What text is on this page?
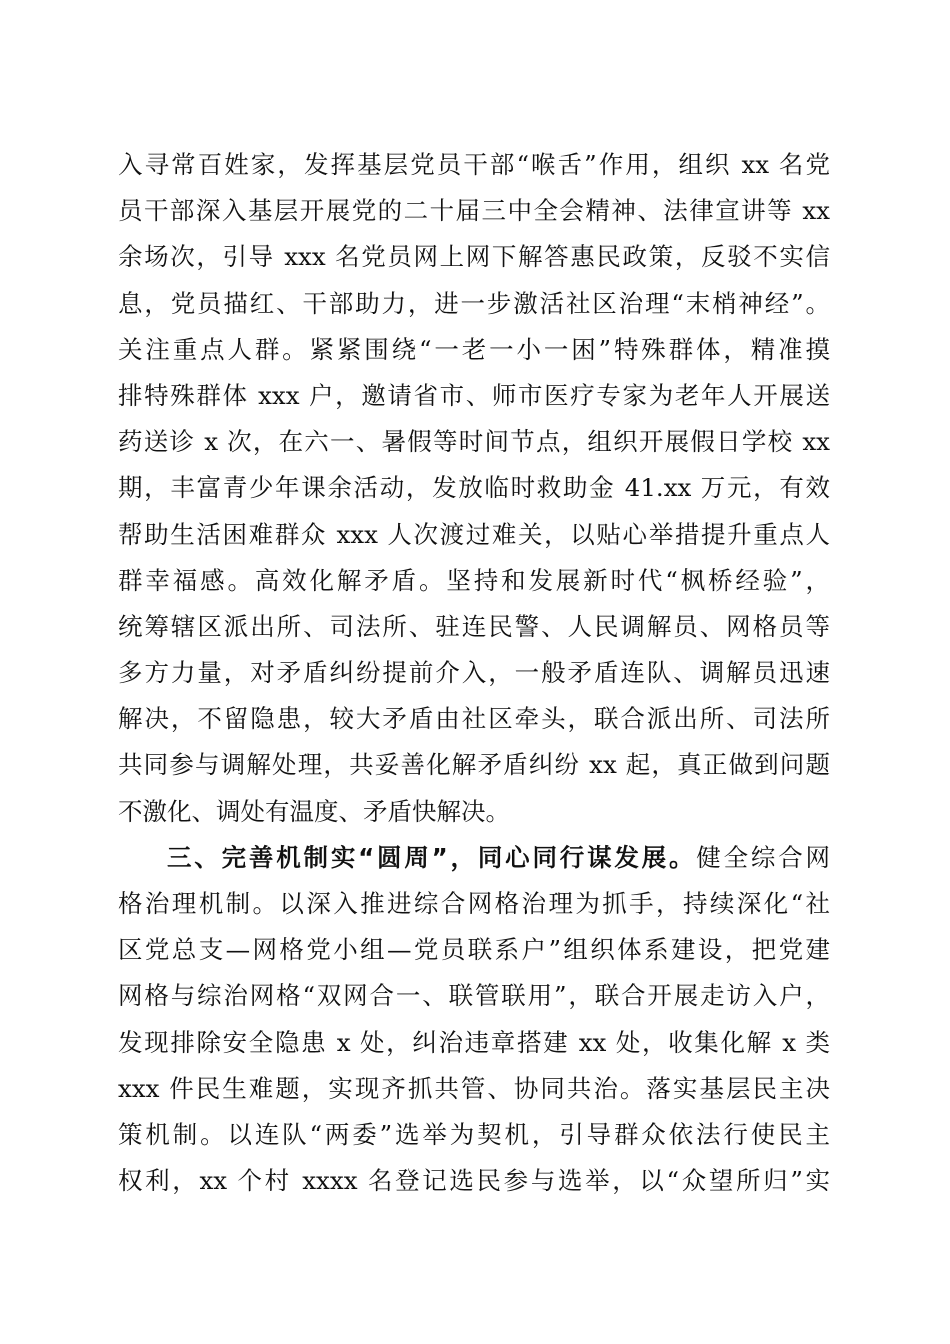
入寻常百姓家，发挥基层党员干部“喉舌”作用，组织 xx 名党
员干部深入基层开展党的二十届三中全会精神、法律宣讲等 xx
余场次，引导 xxx 名党员网上网下解答惠民政策，反驳不实信
息，党员描红、干部助力，进一步激活社区治理“末梢神经”。
关注重点人群。紧紧围绕“一老一小一困”特殊群体，精准摸
排特殊群体 xxx 户，邀请省市、师市医疗专家为老年人开展送
药送诊 x 次，在六一、暑假等时间节点，组织开展假日学校 xx
期，丰富青少年课余活动，发放临时救助金 41.xx 万元，有效
帮助生活困难群众 xxx 人次渡过难关，以贴心举措提升重点人
群幸福感。高效化解矛盾。坚持和发展新时代“枫桥经验”，
统筹辖区派出所、司法所、驻连民警、人民调解员、网格员等
多方力量，对矛盾纠纷提前介入，一般矛盾连队、调解员迅速
解决，不留隐患，较大矛盾由社区牵头，联合派出所、司法所
共同参与调解处理，共妥善化解矛盾纠纷 xx 起，真正做到问题
不激化、调处有温度、矛盾快解决。
三、完善机制实“圆周”，同心同行谋发展。健全综合网
格治理机制。以深入推进综合网格治理为抓手，持续深化“社
区党总支—网格党小组—党员联系户”组织体系建设，把党建
网格与综治网格“双网合一、联管联用”，联合开展走访入户，
发现排除安全隐患 x 处，纠治违章搭建 xx 处，收集化解 x 类
xxx 件民生难题，实现齐抓共管、协同共治。落实基层民主决
策机制。以连队“两委”选举为契机，引导群众依法行使民主
权利，xx 个村 xxxx 名登记选民参与选举，以“众望所归”实
